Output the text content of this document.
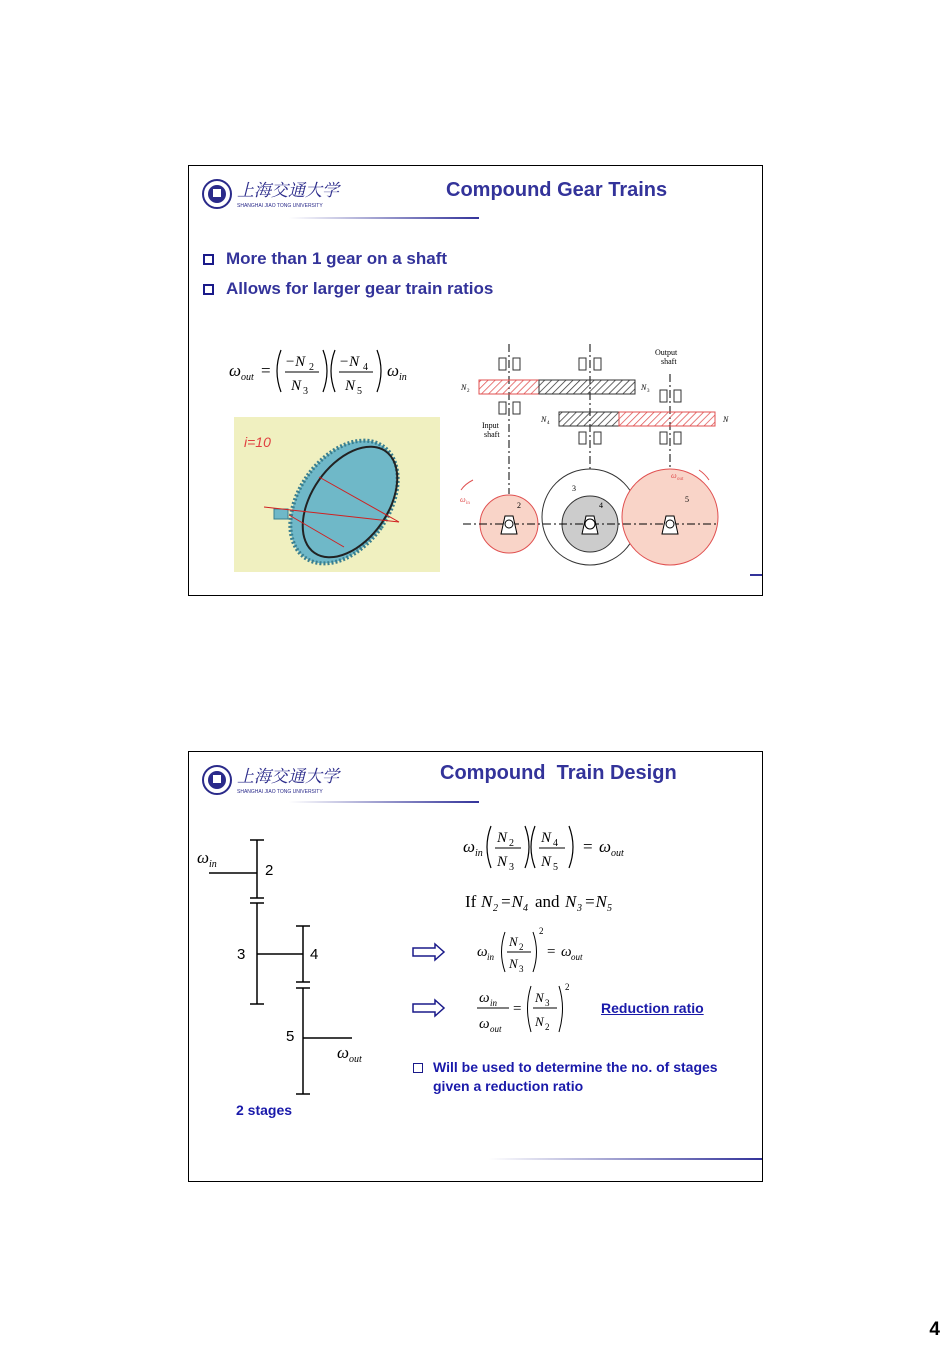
上海交通大学
SHANGHAI JIAO TONG UNIVERSITY
Compound Gear Trains
More than 1 gear on a shaft
Allows for larger gear train ratios
ω out = −N 2
N 3
−N 4
N 5
ω in
i=10
Output
shaft
Input
shaft
N 2	N 3
N 4	N
2
3
4
5
ω in
ω out
上海交通大学
SHANGHAI JIAO TONG UNIVERSITY
Compound  Train Design
ω in
ω out
2
3	4
5
2 stages
ω in
N 2
N 3
N 4
N 5
= ω out
If N 2 =N 4 and N 3 =N 5
ω in
N 2
N 3
2
= ω out
ω in
ω out
=
N 3
N 2
2
Reduction ratio
Will be used to determine the no. of stages
given a reduction ratio
4
